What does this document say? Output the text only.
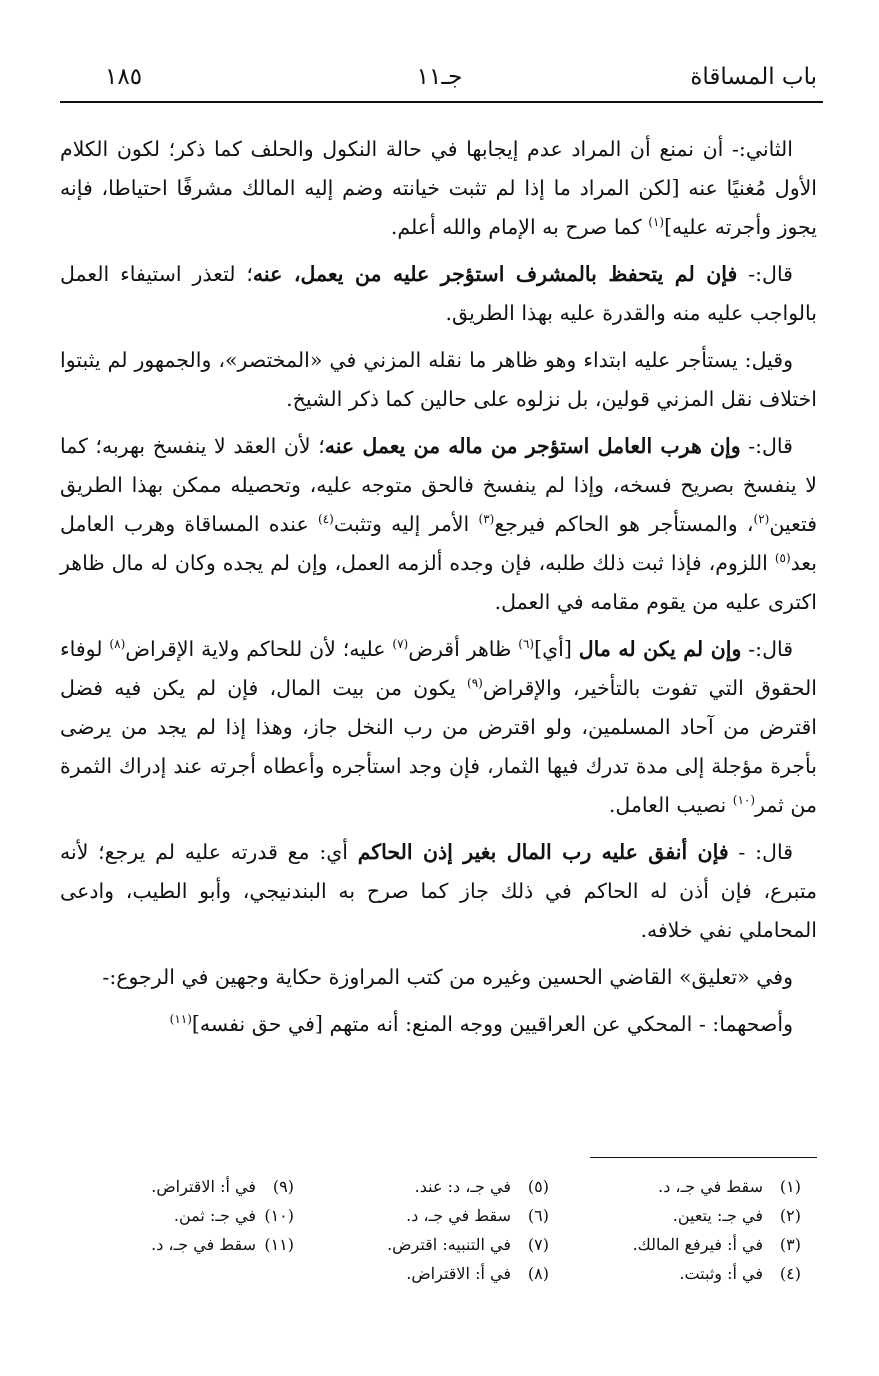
باب المساقاة
جـ١١
١٨٥

الثاني:- أن نمنع أن المراد عدم إيجابها في حالة النكول والحلف كما ذكر؛ لكون الكلام الأول مُغنيًا عنه [لكن المراد ما إذا لم تثبت خيانته وضم إليه المالك مشرفًا احتياطا، فإنه يجوز وأجرته عليه]$^{(١)}$ كما صرح به الإمام والله أعلم.

قال:- فإن لم يتحفظ بالمشرف استؤجر عليه من يعمل، عنه؛ لتعذر استيفاء العمل بالواجب عليه منه والقدرة عليه بهذا الطريق.

وقيل: يستأجر عليه ابتداء وهو ظاهر ما نقله المزني في «المختصر»، والجمهور لم يثبتوا اختلاف نقل المزني قولين، بل نزلوه على حالين كما ذكر الشيخ.

قال:- وإن هرب العامل استؤجر من ماله من يعمل عنه؛ لأن العقد لا ينفسخ بهربه؛ كما لا ينفسخ بصريح فسخه، وإذا لم ينفسخ فالحق متوجه عليه، وتحصيله ممكن بهذا الطريق فتعين$^{(٢)}$، والمستأجر هو الحاكم فيرجع$^{(٣)}$ الأمر إليه وتثبت$^{(٤)}$ عنده المساقاة وهرب العامل بعد$^{(٥)}$ اللزوم، فإذا ثبت ذلك طلبه، فإن وجده ألزمه العمل، وإن لم يجده وكان له مال ظاهر اكترى عليه من يقوم مقامه في العمل.

قال:- وإن لم يكن له مال [أي]$^{(٦)}$ ظاهر أقرض$^{(٧)}$ عليه؛ لأن للحاكم ولاية الإقراض$^{(٨)}$ لوفاء الحقوق التي تفوت بالتأخير، والإقراض$^{(٩)}$ يكون من بيت المال، فإن لم يكن فيه فضل اقترض من آحاد المسلمين، ولو اقترض من رب النخل جاز، وهذا إذا لم يجد من يرضى بأجرة مؤجلة إلى مدة تدرك فيها الثمار، فإن وجد استأجره وأعطاه أجرته عند إدراك الثمرة من ثمر$^{(١٠)}$ نصيب العامل.

قال: - فإن أنفق عليه رب المال بغير إذن الحاكم أي: مع قدرته عليه لم يرجع؛ لأنه متبرع، فإن أذن له الحاكم في ذلك جاز كما صرح به البندنيجي، وأبو الطيب، وادعى المحاملي نفي خلافه.

وفي «تعليق» القاضي الحسين وغيره من كتب المراوزة حكاية وجهين في الرجوع:-

وأصحهما: - المحكي عن العراقيين ووجه المنع: أنه متهم [في حق نفسه]$^{(١١)}$

(١)سقط في جـ، د.
(٢)في جـ: يتعين.
(٣)في أ: فيرفع المالك.
(٤)في أ: وثبتت.
(٥)في جـ، د: عند.
(٦)سقط في جـ، د.
(٧)في التنبيه: اقترض.
(٨)في أ: الاقتراض.
(٩)في أ: الاقتراض.
(١٠)في جـ: ثمن.
(١١)سقط في جـ، د.
